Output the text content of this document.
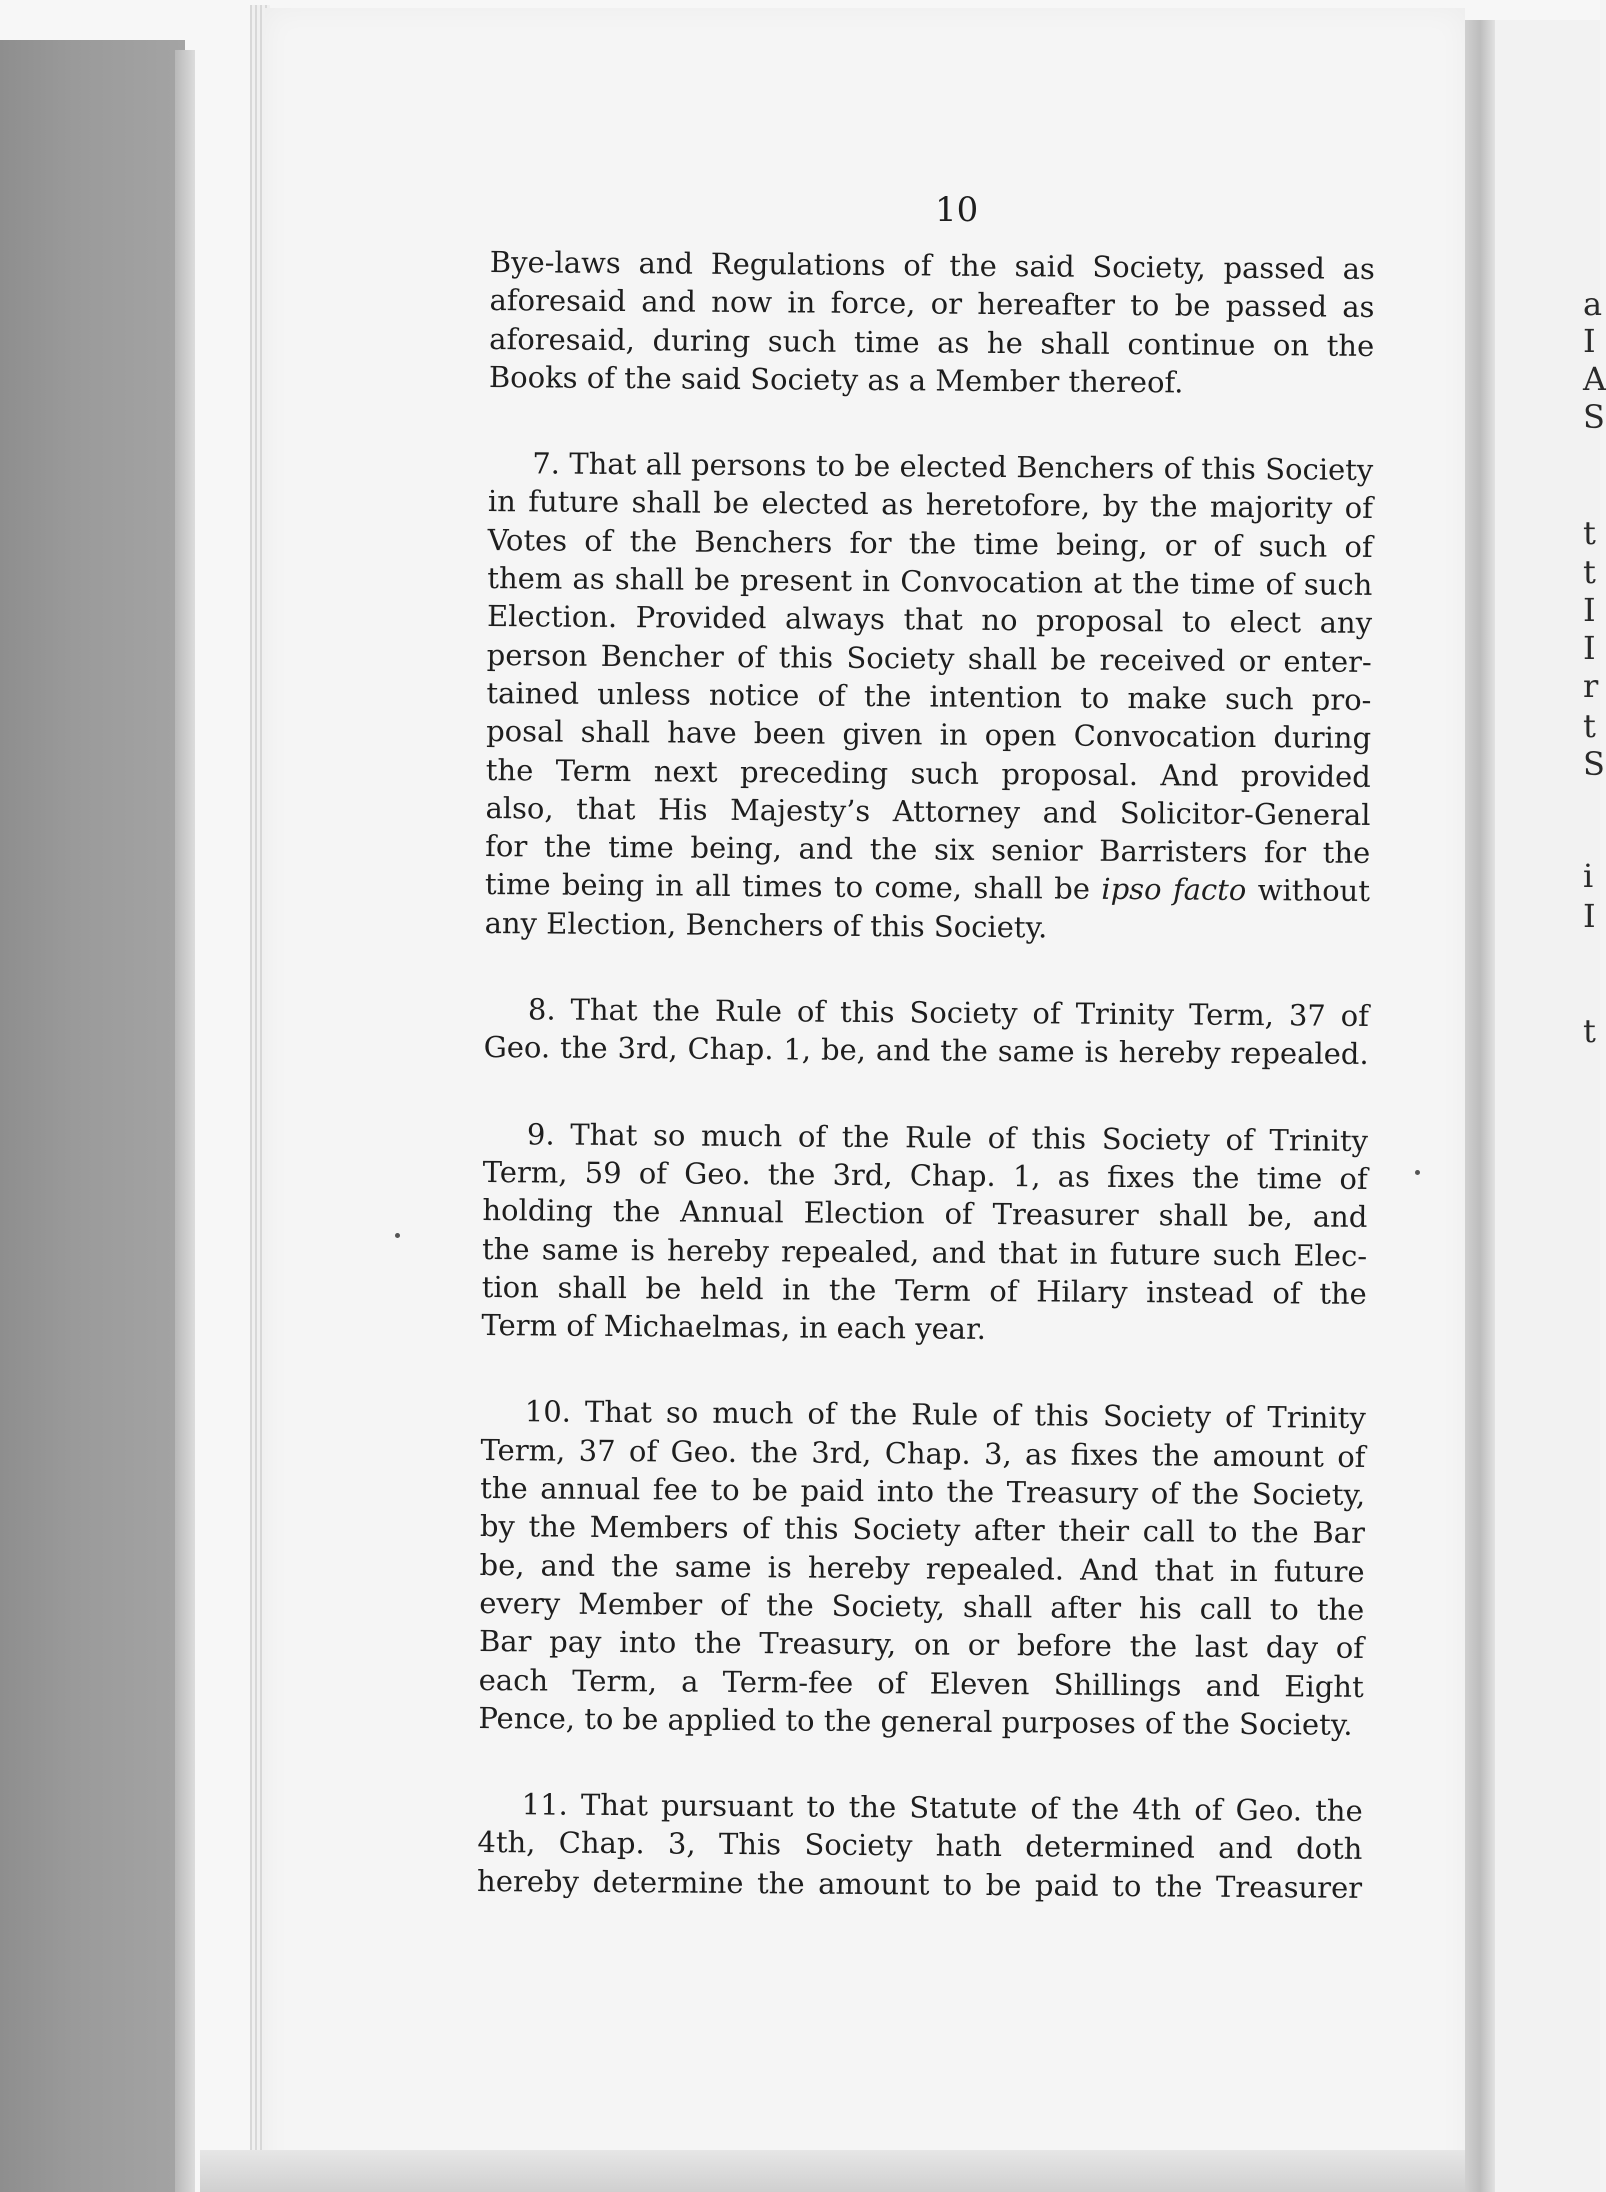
a
I
A
S
t
t
I
I
r
t
S
i
I
t
10

Bye-laws and Regulations of the said Society, passed as
aforesaid and now in force, or hereafter to be passed as
aforesaid, during such time as he shall continue on the
Books of the said Society as a Member thereof.

7. That all persons to be elected Benchers of this Society
in future shall be elected as heretofore, by the majority of
Votes of the Benchers for the time being, or of such of
them as shall be present in Convocation at the time of such
Election. Provided always that no proposal to elect any
person Bencher of this Society shall be received or enter-
tained unless notice of the intention to make such pro-
posal shall have been given in open Convocation during
the Term next preceding such proposal. And provided
also, that His Majesty’s Attorney and Solicitor-General
for the time being, and the six senior Barristers for the
time being in all times to come, shall be ipso facto without
any Election, Benchers of this Society.

8. That the Rule of this Society of Trinity Term, 37 of
Geo. the 3rd, Chap. 1, be, and the same is hereby repealed.

9. That so much of the Rule of this Society of Trinity
Term, 59 of Geo. the 3rd, Chap. 1, as fixes the time of
holding the Annual Election of Treasurer shall be, and
the same is hereby repealed, and that in future such Elec-
tion shall be held in the Term of Hilary instead of the
Term of Michaelmas, in each year.

10. That so much of the Rule of this Society of Trinity
Term, 37 of Geo. the 3rd, Chap. 3, as fixes the amount of
the annual fee to be paid into the Treasury of the Society,
by the Members of this Society after their call to the Bar
be, and the same is hereby repealed. And that in future
every Member of the Society, shall after his call to the
Bar pay into the Treasury, on or before the last day of
each Term, a Term-fee of Eleven Shillings and Eight
Pence, to be applied to the general purposes of the Society.

11. That pursuant to the Statute of the 4th of Geo. the
4th, Chap. 3, This Society hath determined and doth
hereby determine the amount to be paid to the Treasurer
